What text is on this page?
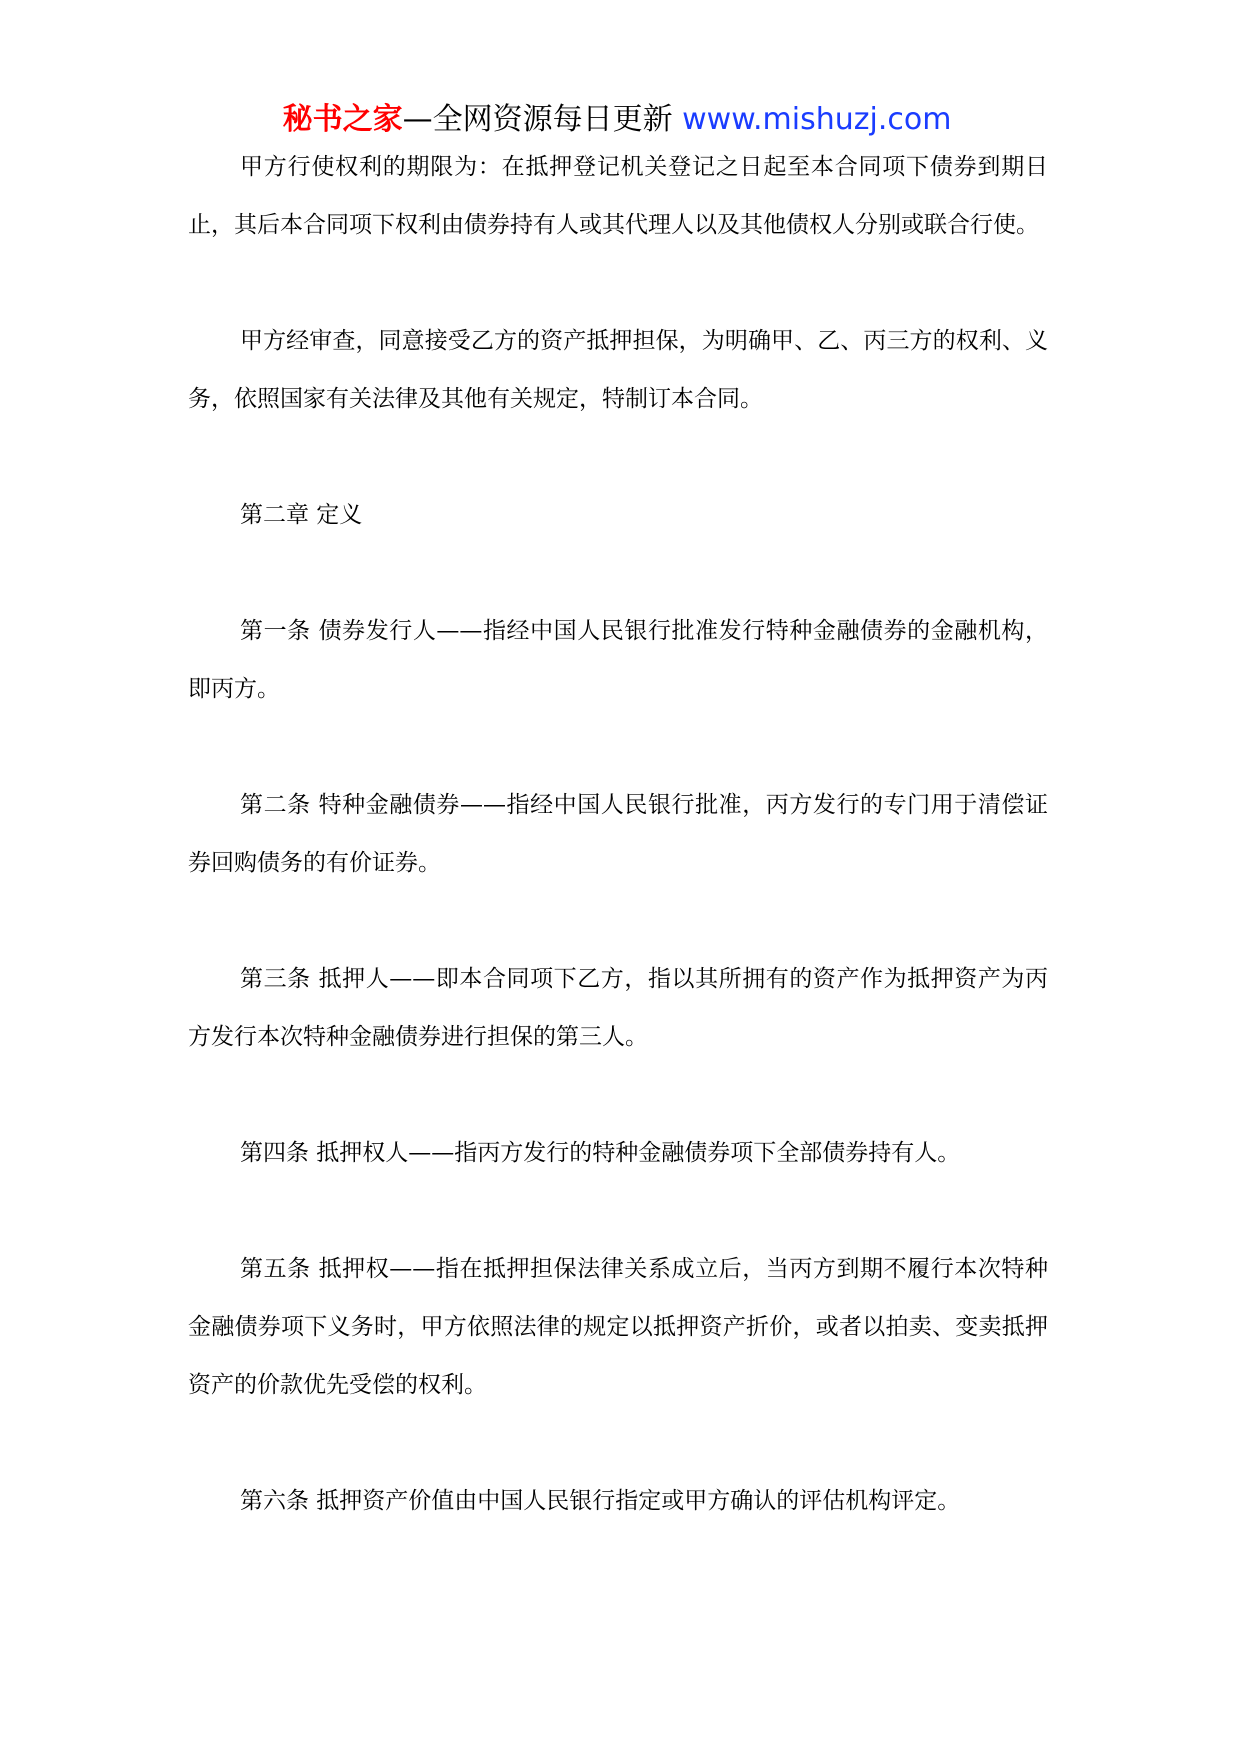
秘书之家—全网资源每日更新 www.mishuzj.com

甲方行使权利的期限为：在抵押登记机关登记之日起至本合同项下债券到期日止，其后本合同项下权利由债券持有人或其代理人以及其他债权人分别或联合行使。

甲方经审查，同意接受乙方的资产抵押担保，为明确甲、乙、丙三方的权利、义务，依照国家有关法律及其他有关规定，特制订本合同。

第二章 定义

第一条 债券发行人——指经中国人民银行批准发行特种金融债券的金融机构，即丙方。

第二条 特种金融债券——指经中国人民银行批准，丙方发行的专门用于清偿证券回购债务的有价证券。

第三条 抵押人——即本合同项下乙方，指以其所拥有的资产作为抵押资产为丙方发行本次特种金融债券进行担保的第三人。

第四条 抵押权人——指丙方发行的特种金融债券项下全部债券持有人。

第五条 抵押权——指在抵押担保法律关系成立后，当丙方到期不履行本次特种金融债券项下义务时，甲方依照法律的规定以抵押资产折价，或者以拍卖、变卖抵押资产的价款优先受偿的权利。

第六条 抵押资产价值由中国人民银行指定或甲方确认的评估机构评定。
